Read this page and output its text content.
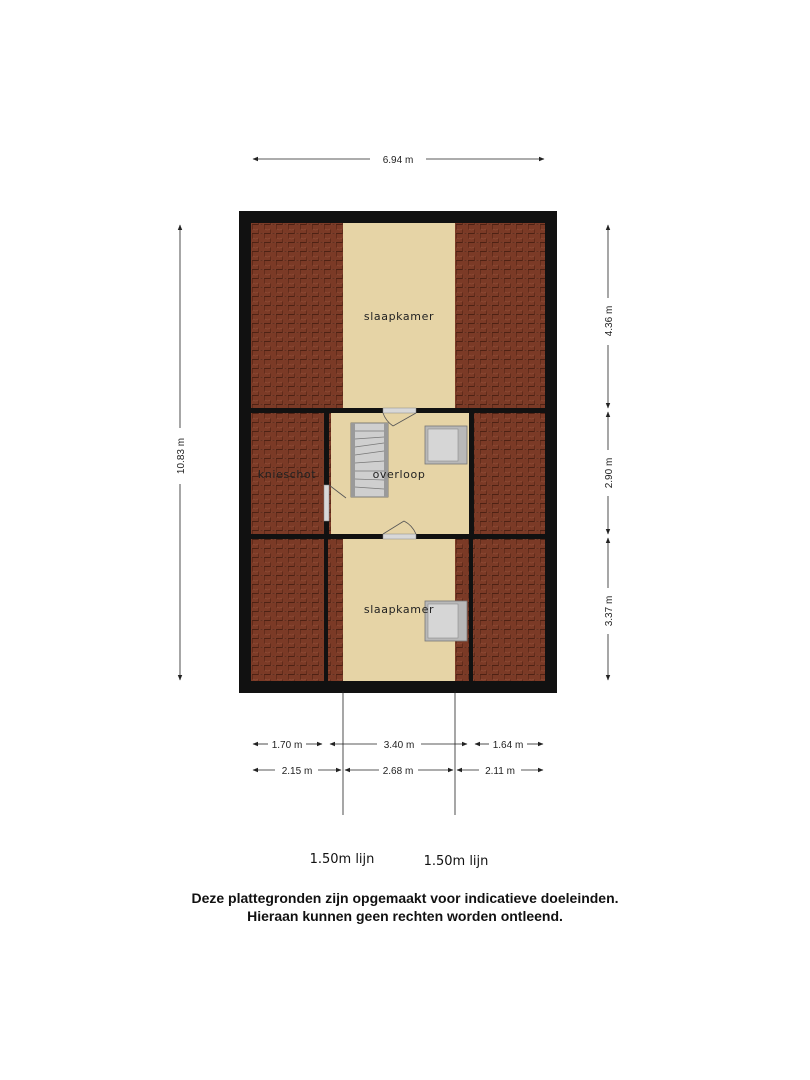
slaapkamer
overloop
knieschot
slaapkamer
6.94 m
10.83 m
4.36 m
2.90 m
3.37 m
1.70 m	3.40 m	1.64 m
2.15 m	2.68 m	2.11 m
1.50m lijn	1.50m lijn
Deze plattegronden zijn opgemaakt voor indicatieve doeleinden.
Hieraan kunnen geen rechten worden ontleend.
